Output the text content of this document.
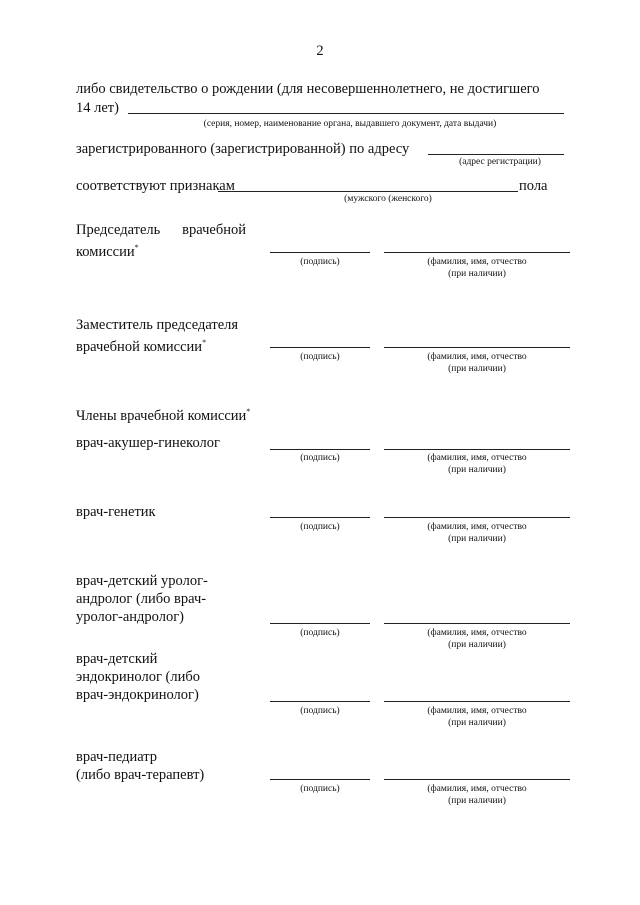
2
либо свидетельство о рождении (для несовершеннолетнего, не достигшего
14 лет)
(серия, номер, наименование органа, выдавшего документ, дата выдачи)
зарегистрированного (зарегистрированной) по адресу
(адрес регистрации)
соответствуют признакам	пола
(мужского (женского)
Председатель врачебной
комиссии*
(подпись)	(фамилия, имя, отчество
(при наличии)
Заместитель председателя
врачебной комиссии*
(подпись)	(фамилия, имя, отчество
(при наличии)
Члены врачебной комиссии*
врач-акушер-гинеколог
(подпись)	(фамилия, имя, отчество
(при наличии)
врач-генетик
(подпись)	(фамилия, имя, отчество
(при наличии)
врач-детский уролог-
андролог (либо врач-
уролог-андролог)
(подпись)	(фамилия, имя, отчество
(при наличии)
врач-детский
эндокринолог (либо
врач-эндокринолог)
(подпись)	(фамилия, имя, отчество
(при наличии)
врач-педиатр
(либо врач-терапевт)
(подпись)	(фамилия, имя, отчество
(при наличии)
